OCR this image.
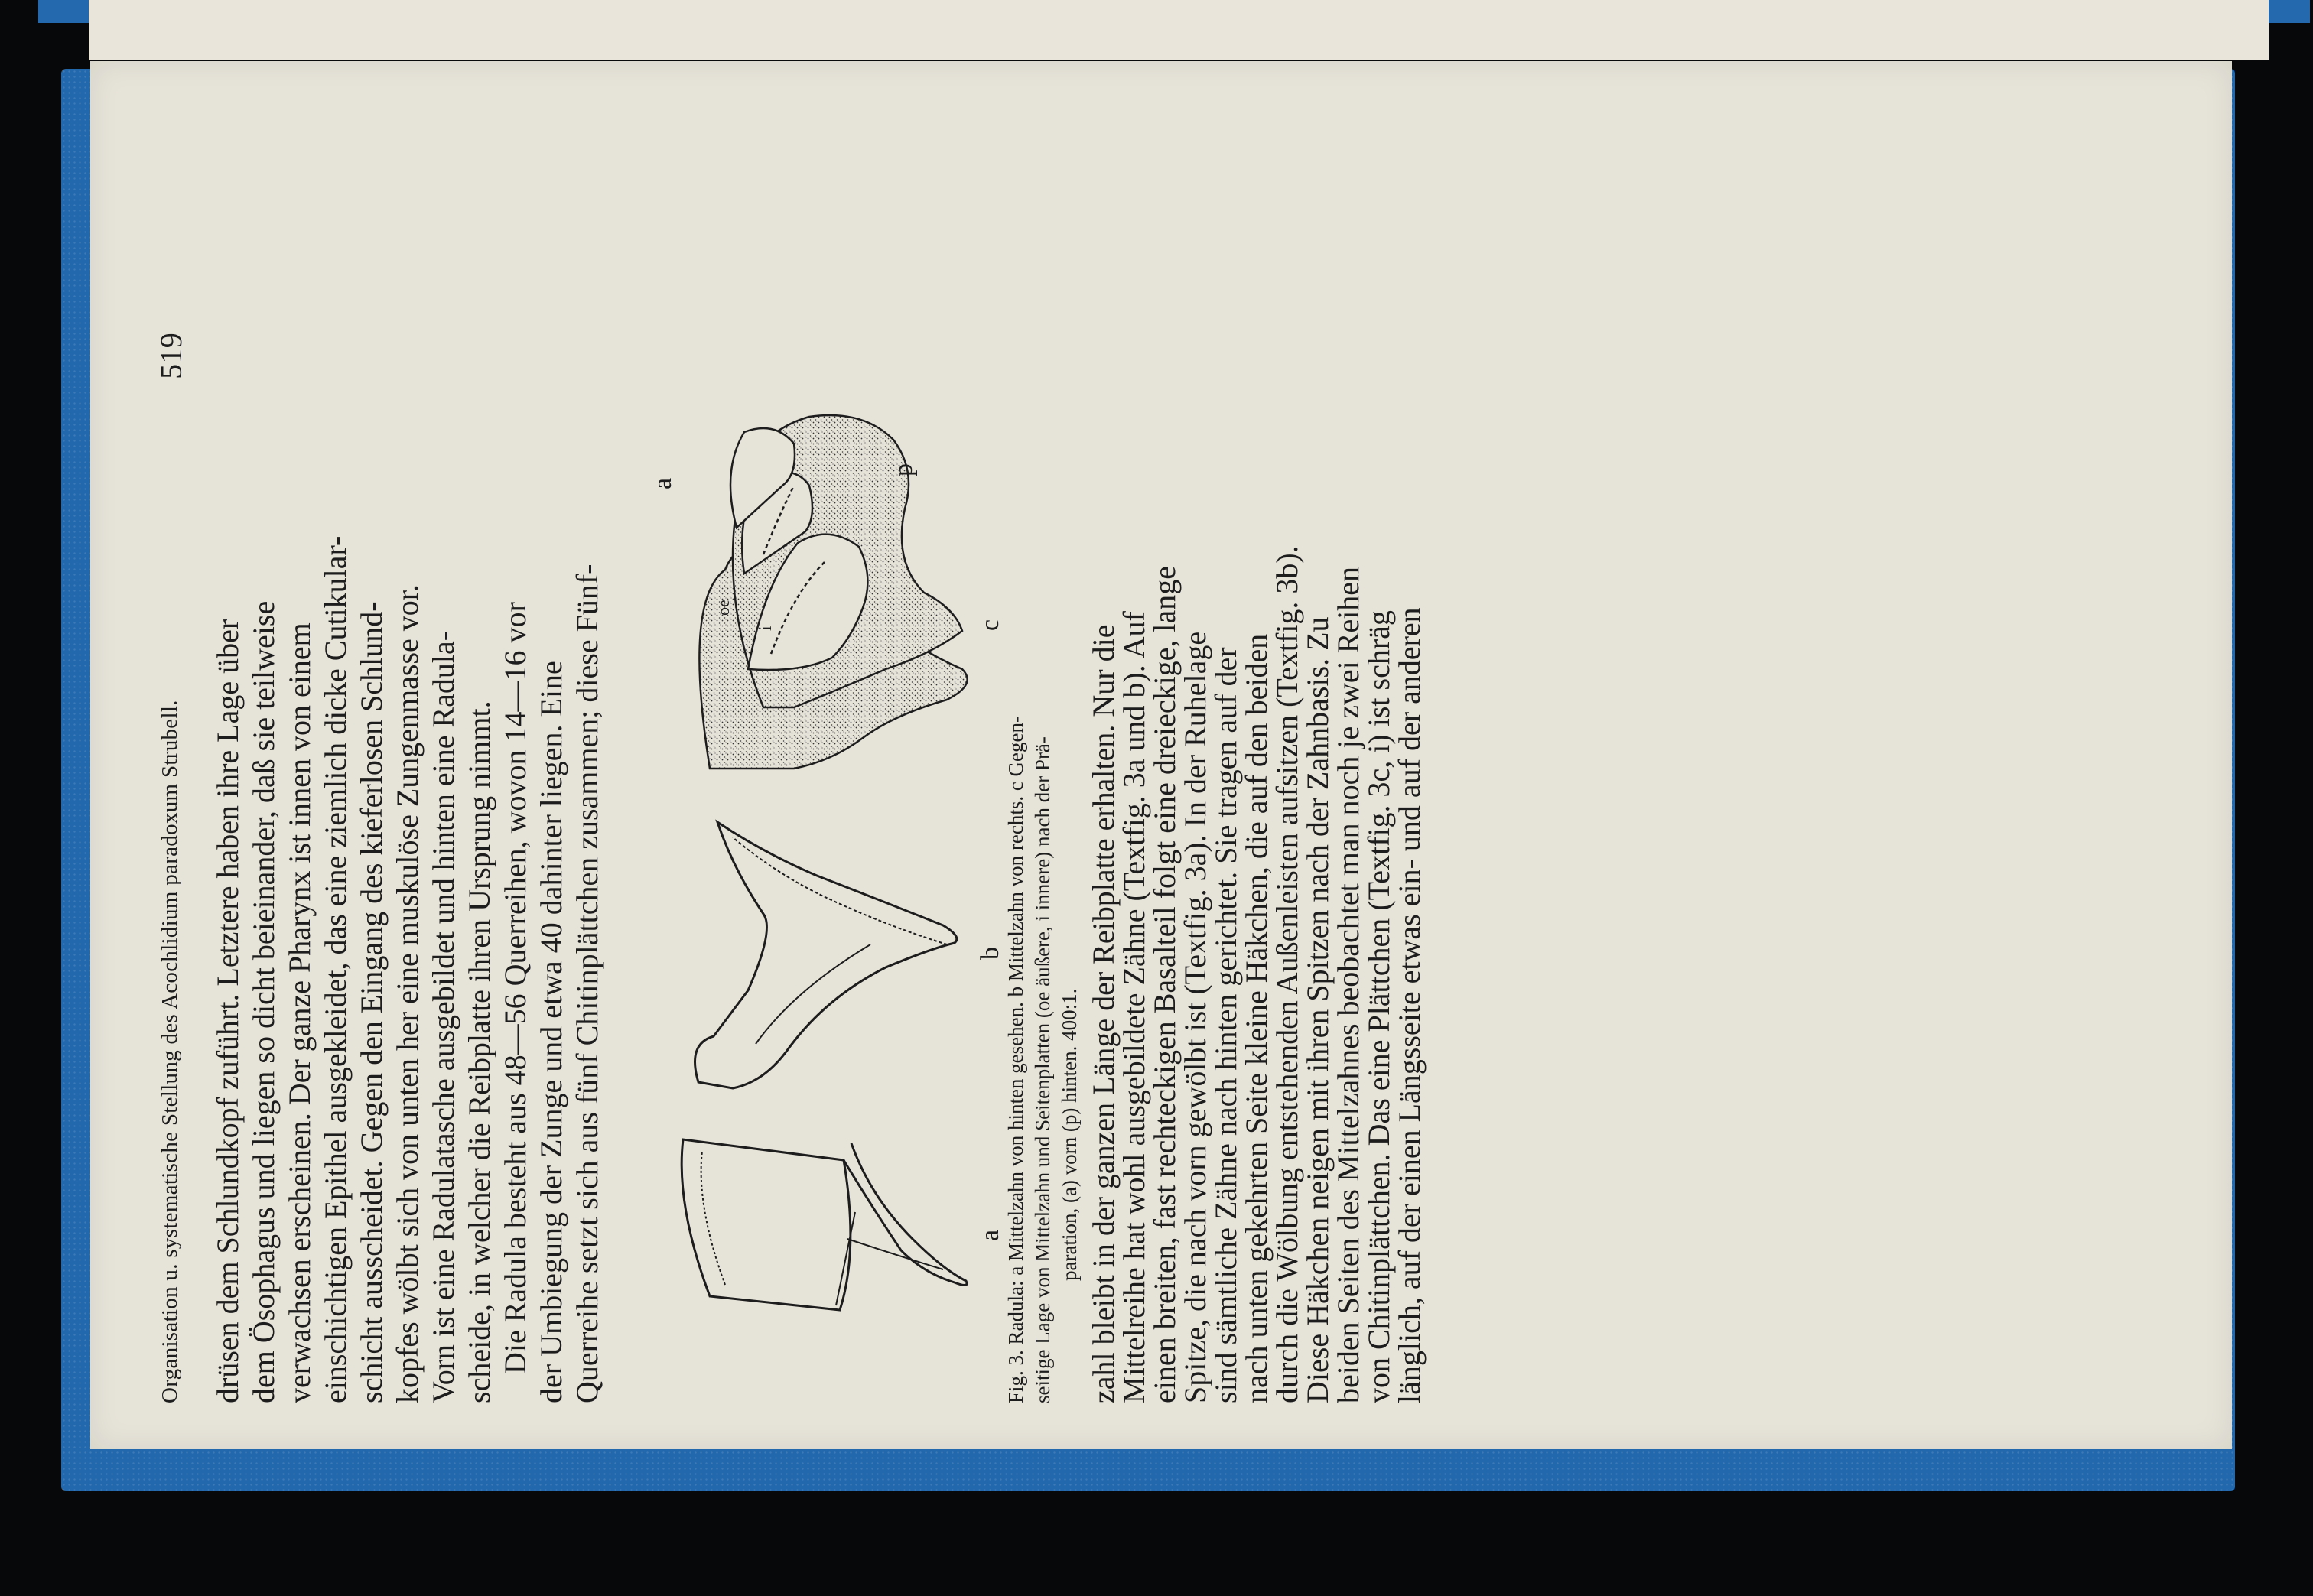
Organisation u. systematische Stellung des Acochlidium paradoxum Strubell.
519
drüsen dem Schlundkopf zuführt. Letztere haben ihre Lage über dem Ösophagus und liegen so dicht beieinander, daß sie teilweise verwachsen erscheinen. Der ganze Pharynx ist innen von einem einschichtigen Epithel ausgekleidet, das eine ziemlich dicke Cutikular- schicht ausscheidet. Gegen den Eingang des kieferlosen Schlund- kopfes wölbt sich von unten her eine muskulöse Zungenmasse vor. Vorn ist eine Radulatasche ausgebildet und hinten eine Radula- scheide, in welcher die Reibplatte ihren Ursprung nimmt. Die Radula besteht aus 48—56 Querreihen, wovon 14—16 vor der Umbiegung der Zunge und etwa 40 dahinter liegen. Eine Querreihe setzt sich aus fünf Chitinplättchen zusammen; diese Fünf-	a
b
c
a
p
i
oe
Fig. 3. Radula: a Mittelzahn von hinten gesehen. b Mittelzahn von rechts. c Gegen- seitige Lage von Mittelzahn und Seitenplatten (oe äußere, i innere) nach der Prä- paration, (a) vorn (p) hinten. 400:1. zahl bleibt in der ganzen Länge der Reibplatte erhalten. Nur die
Mittelreihe hat wohl ausgebildete Zähne (Textfig. 3a und b). Auf
einen breiten, fast rechteckigen Basalteil folgt eine dreieckige, lange
Spitze, die nach vorn gewölbt ist (Textfig. 3a). In der Ruhelage
sind sämtliche Zähne nach hinten gerichtet. Sie tragen auf der
nach unten gekehrten Seite kleine Häkchen, die auf den beiden
durch die Wölbung entstehenden Außenleisten aufsitzen (Textfig. 3b).
Diese Häkchen neigen mit ihren Spitzen nach der Zahnbasis. Zu
beiden Seiten des Mittelzahnes beobachtet man noch je zwei Reihen
von Chitinplättchen. Das eine Plättchen (Textfig. 3c, i) ist schräg
länglich, auf der einen Längsseite etwas ein- und auf der anderen
